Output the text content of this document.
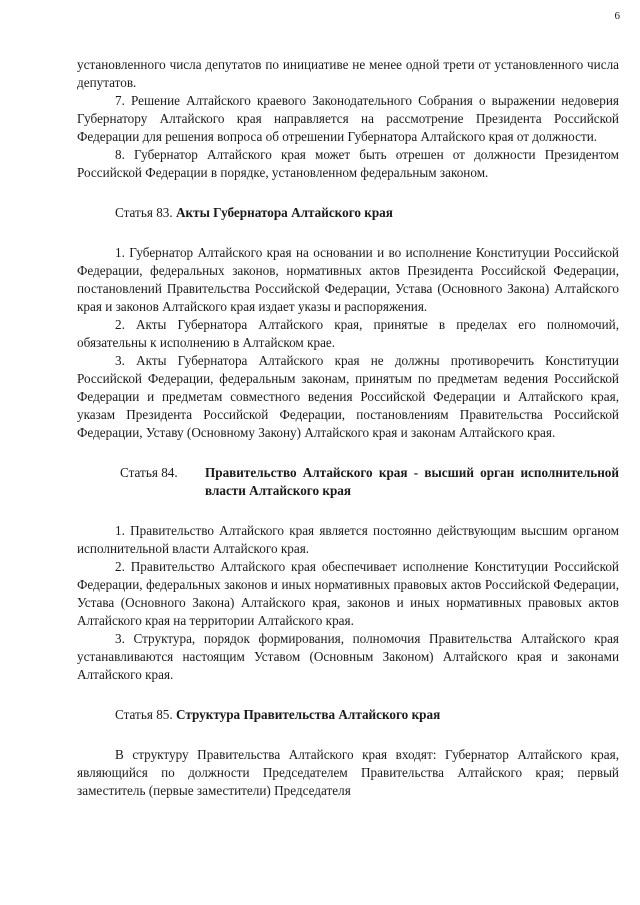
6

установленного числа депутатов по инициативе не менее одной трети от установленного числа депутатов.

7. Решение Алтайского краевого Законодательного Собрания о выражении недоверия Губернатору Алтайского края направляется на рассмотрение Президента Российской Федерации для решения вопроса об отрешении Губернатора Алтайского края от должности.

8. Губернатор Алтайского края может быть отрешен от должности Президентом Российской Федерации в порядке, установленном федеральным законом.

Статья 83. Акты Губернатора Алтайского края

1. Губернатор Алтайского края на основании и во исполнение Конституции Российской Федерации, федеральных законов, нормативных актов Президента Российской Федерации, постановлений Правительства Российской Федерации, Устава (Основного Закона) Алтайского края и законов Алтайского края издает указы и распоряжения.

2. Акты Губернатора Алтайского края, принятые в пределах его полномочий, обязательны к исполнению в Алтайском крае.

3. Акты Губернатора Алтайского края не должны противоречить Конституции Российской Федерации, федеральным законам, принятым по предметам ведения Российской Федерации и предметам совместного ведения Российской Федерации и Алтайского края, указам Президента Российской Федерации, постановлениям Правительства Российской Федерации, Уставу (Основному Закону) Алтайского края и законам Алтайского края.

Статья 84.	Правительство Алтайского края - высший орган исполнительной власти Алтайского края

1. Правительство Алтайского края является постоянно действующим высшим органом исполнительной власти Алтайского края.

2. Правительство Алтайского края обеспечивает исполнение Конституции Российской Федерации, федеральных законов и иных нормативных правовых актов Российской Федерации, Устава (Основного Закона) Алтайского края, законов и иных нормативных правовых актов Алтайского края на территории Алтайского края.

3. Структура, порядок формирования, полномочия Правительства Алтайского края устанавливаются настоящим Уставом (Основным Законом) Алтайского края и законами Алтайского края.

Статья 85. Структура Правительства Алтайского края

В структуру Правительства Алтайского края входят: Губернатор Алтайского края, являющийся по должности Председателем Правительства Алтайского края; первый заместитель (первые заместители) Председателя
